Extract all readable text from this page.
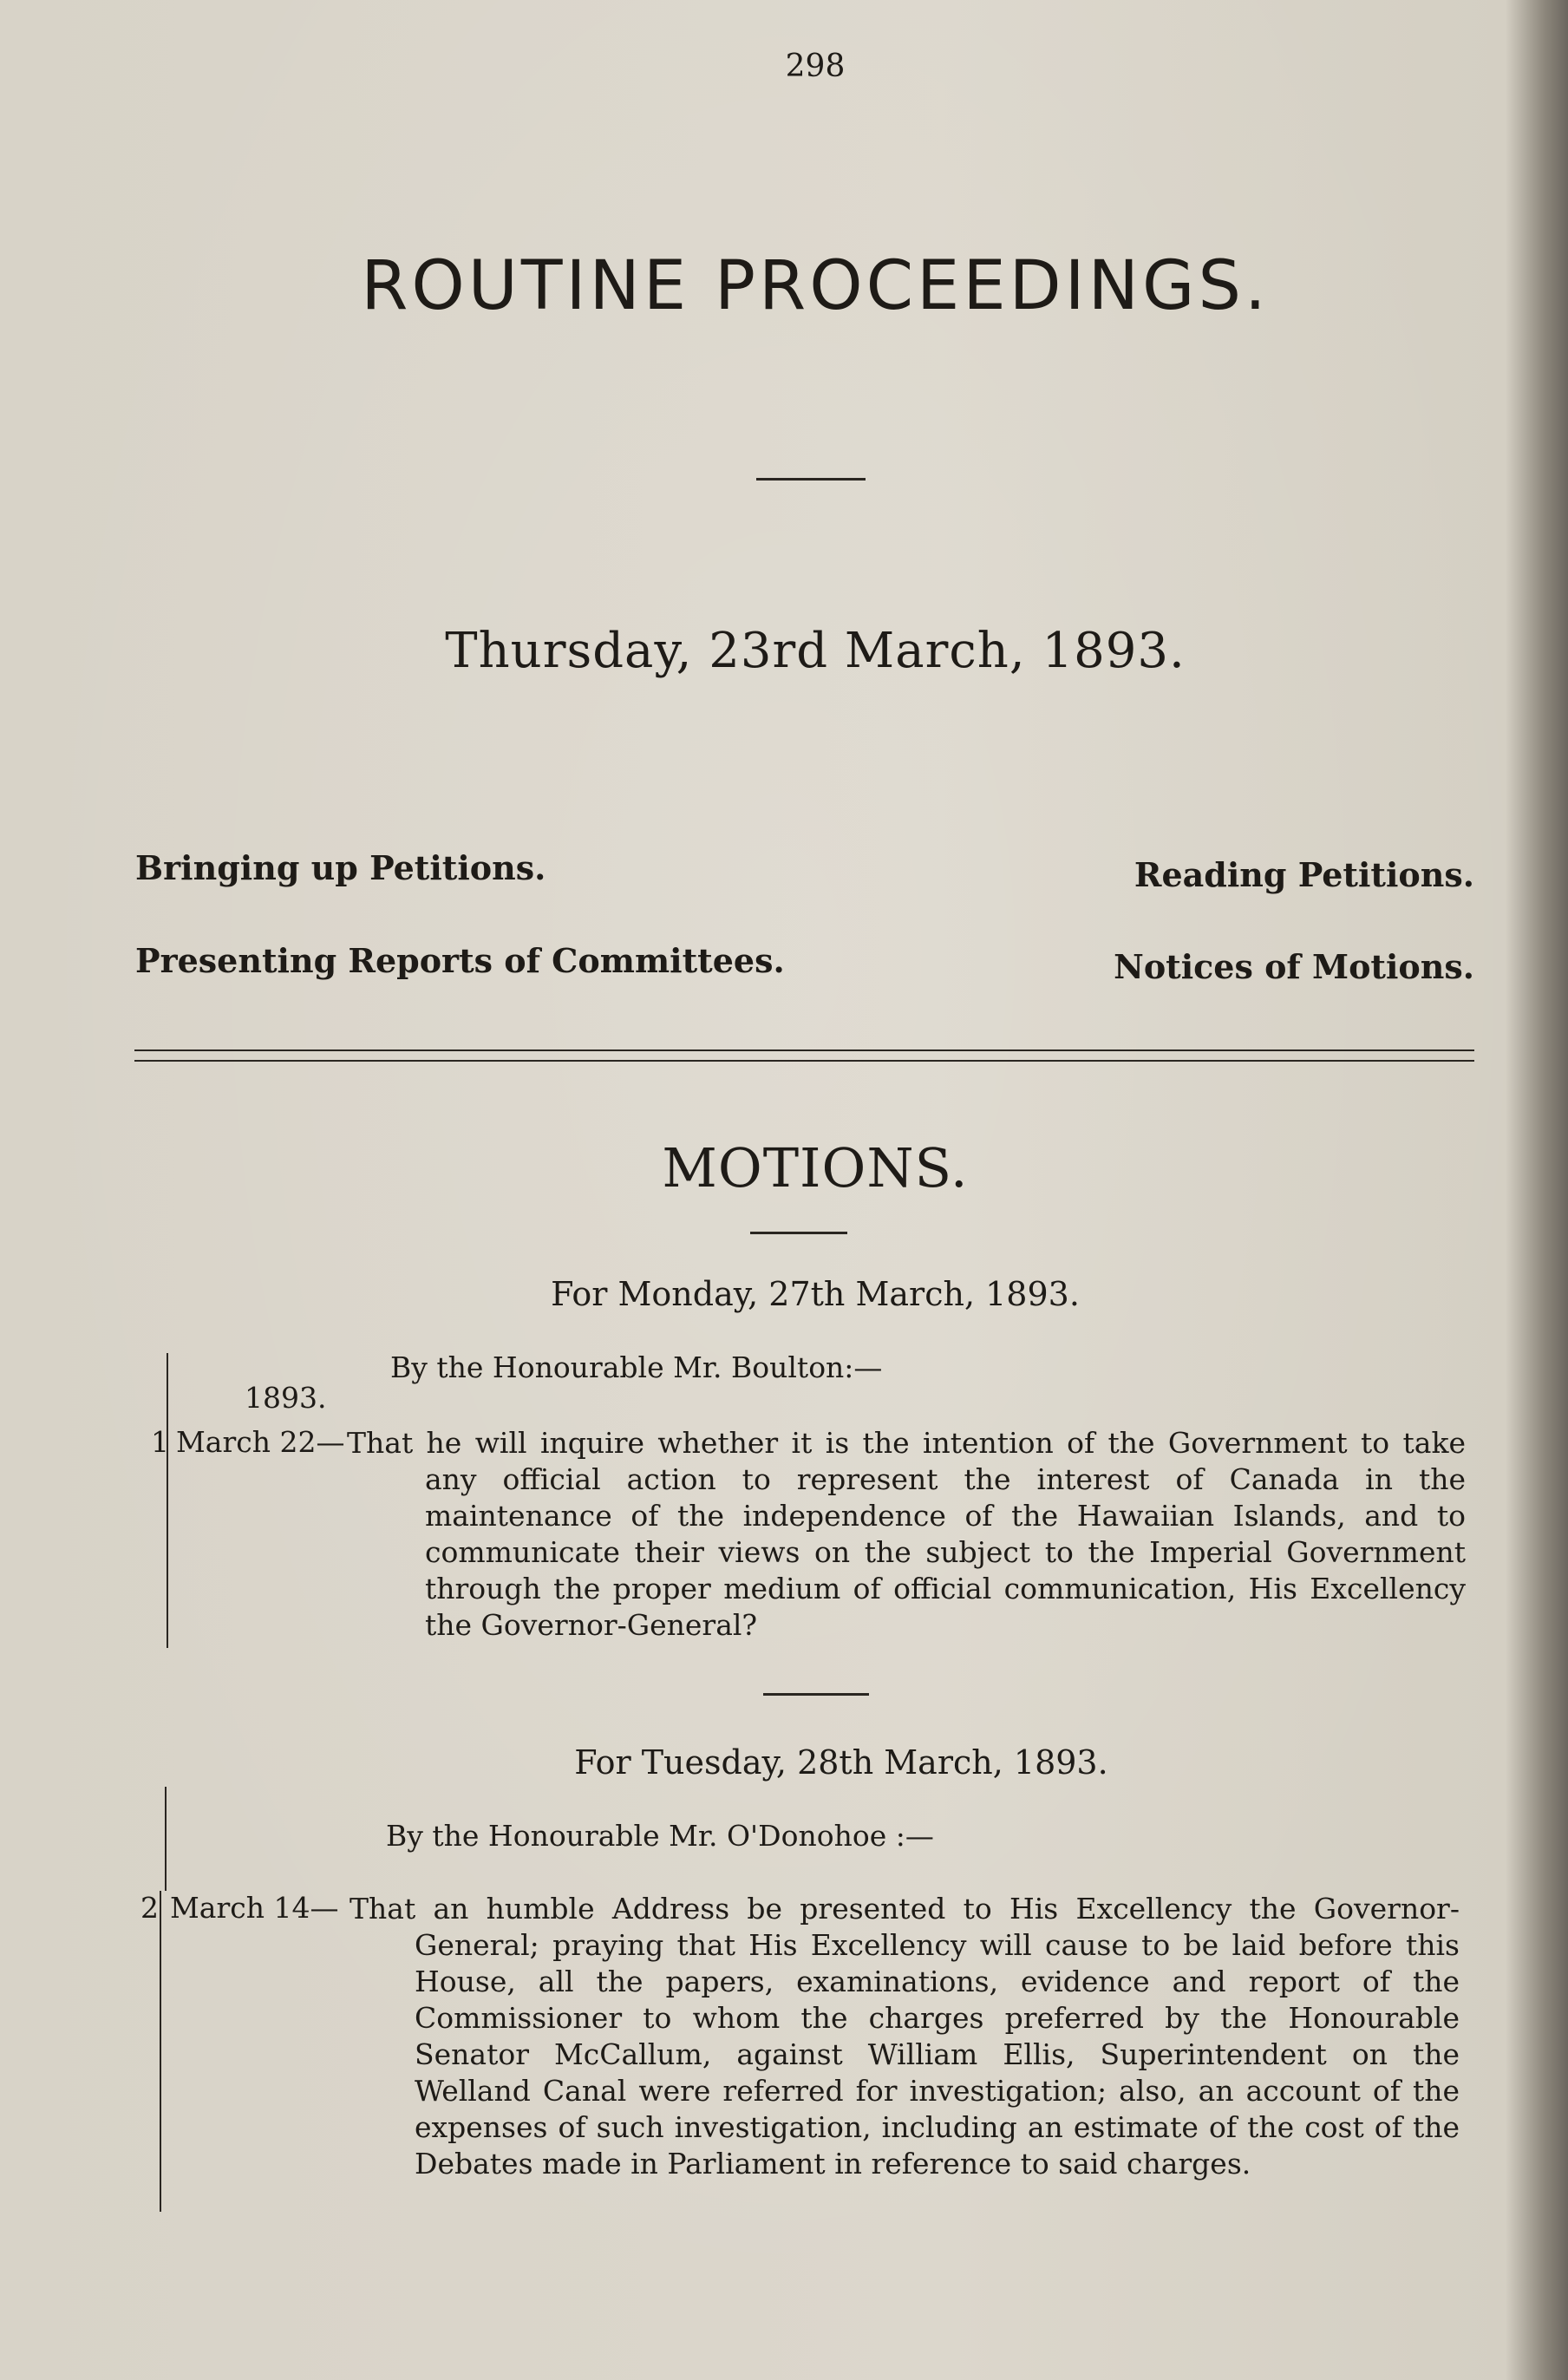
298
ROUTINE PROCEEDINGS.
Thursday, 23rd March, 1893.
Bringing up Petitions.	Reading Petitions.
Presenting Reports of Committees.	Notices of Motions.
MOTIONS.
For Monday, 27th March, 1893.
By the Honourable Mr. Boulton:—
1893.
1 March 22— That he will inquire whether it is the intention of the Government to take any official action to represent the interest of Canada in the maintenance of the independence of the Hawaiian Islands, and to communicate their views on the subject to the Imperial Government through the proper medium of official communication, His Excellency the Governor-General?
For Tuesday, 28th March, 1893.
By the Honourable Mr. O'Donohoe :—
2 March 14— That an humble Address be presented to His Excellency the Governor-General; praying that His Excellency will cause to be laid before this House, all the papers, examinations, evidence and report of the Commissioner to whom the charges preferred by the Honourable Senator McCallum, against William Ellis, Superintendent on the Welland Canal were referred for investigation; also, an account of the expenses of such investigation, including an estimate of the cost of the Debates made in Parliament in reference to said charges.
